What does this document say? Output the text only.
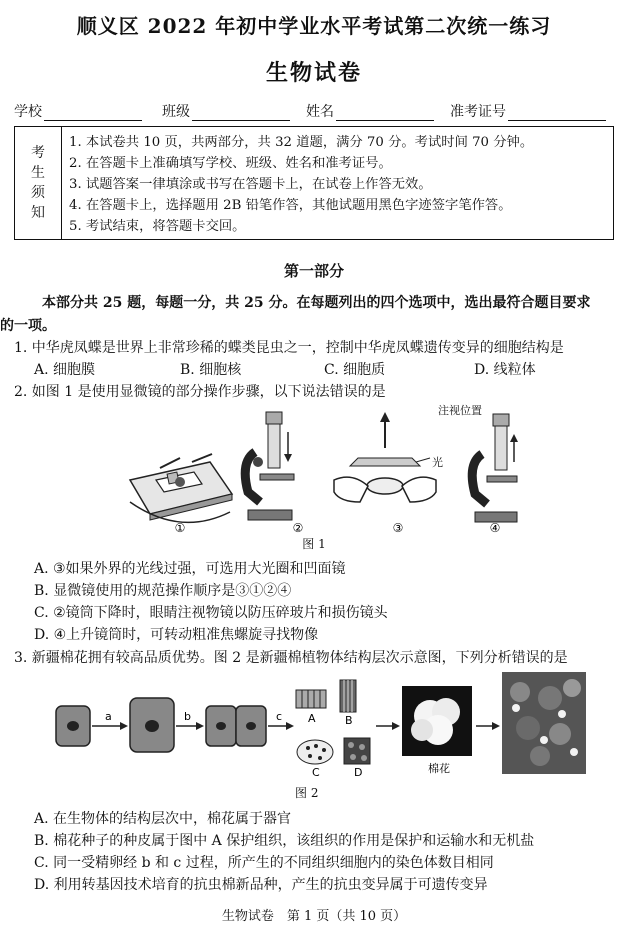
顺义区 2022 年初中学业水平考试第二次统一练习
生物试卷
学校	班级	姓名	准考证号
考
生
须
知
1. 本试卷共 10 页，共两部分，共 32 道题，满分 70 分。考试时间 70 分钟。
2. 在答题卡上准确填写学校、班级、姓名和准考证号。
3. 试题答案一律填涂或书写在答题卡上，在试卷上作答无效。
4. 在答题卡上，选择题用 2B 铅笔作答，其他试题用黑色字迹签字笔作答。
5. 考试结束，将答题卡交回。
第一部分
本部分共 25 题，每题一分，共 25 分。在每题列出的四个选项中，选出最符合题目要求
的一项。
1. 中华虎凤蝶是世界上非常珍稀的蝶类昆虫之一，控制中华虎凤蝶遗传变异的细胞结构是
A. 细胞膜	B. 细胞核	C. 细胞质	D. 线粒体
2. 如图 1 是使用显微镜的部分操作步骤，以下说法错误的是
光
注视位置
①	②	③	④
图 1
A. ③如果外界的光线过强，可选用大光圈和凹面镜
B. 显微镜使用的规范操作顺序是③①②④
C. ②镜筒下降时，眼睛注视物镜以防压碎玻片和损伤镜头
D. ④上升镜筒时，可转动粗准焦螺旋寻找物像
3. 新疆棉花拥有较高品质优势。图 2 是新疆棉植物体结构层次示意图，下列分析错误的是
a	b	c A	B
C	D	棉花
图 2
A. 在生物体的结构层次中，棉花属于器官
B. 棉花种子的种皮属于图中 A 保护组织，该组织的作用是保护和运输水和无机盐
C. 同一受精卵经 b 和 c 过程，所产生的不同组织细胞内的染色体数目相同
D. 利用转基因技术培育的抗虫棉新品种，产生的抗虫变异属于可遗传变异
生物试卷　第 1 页（共 10 页）
